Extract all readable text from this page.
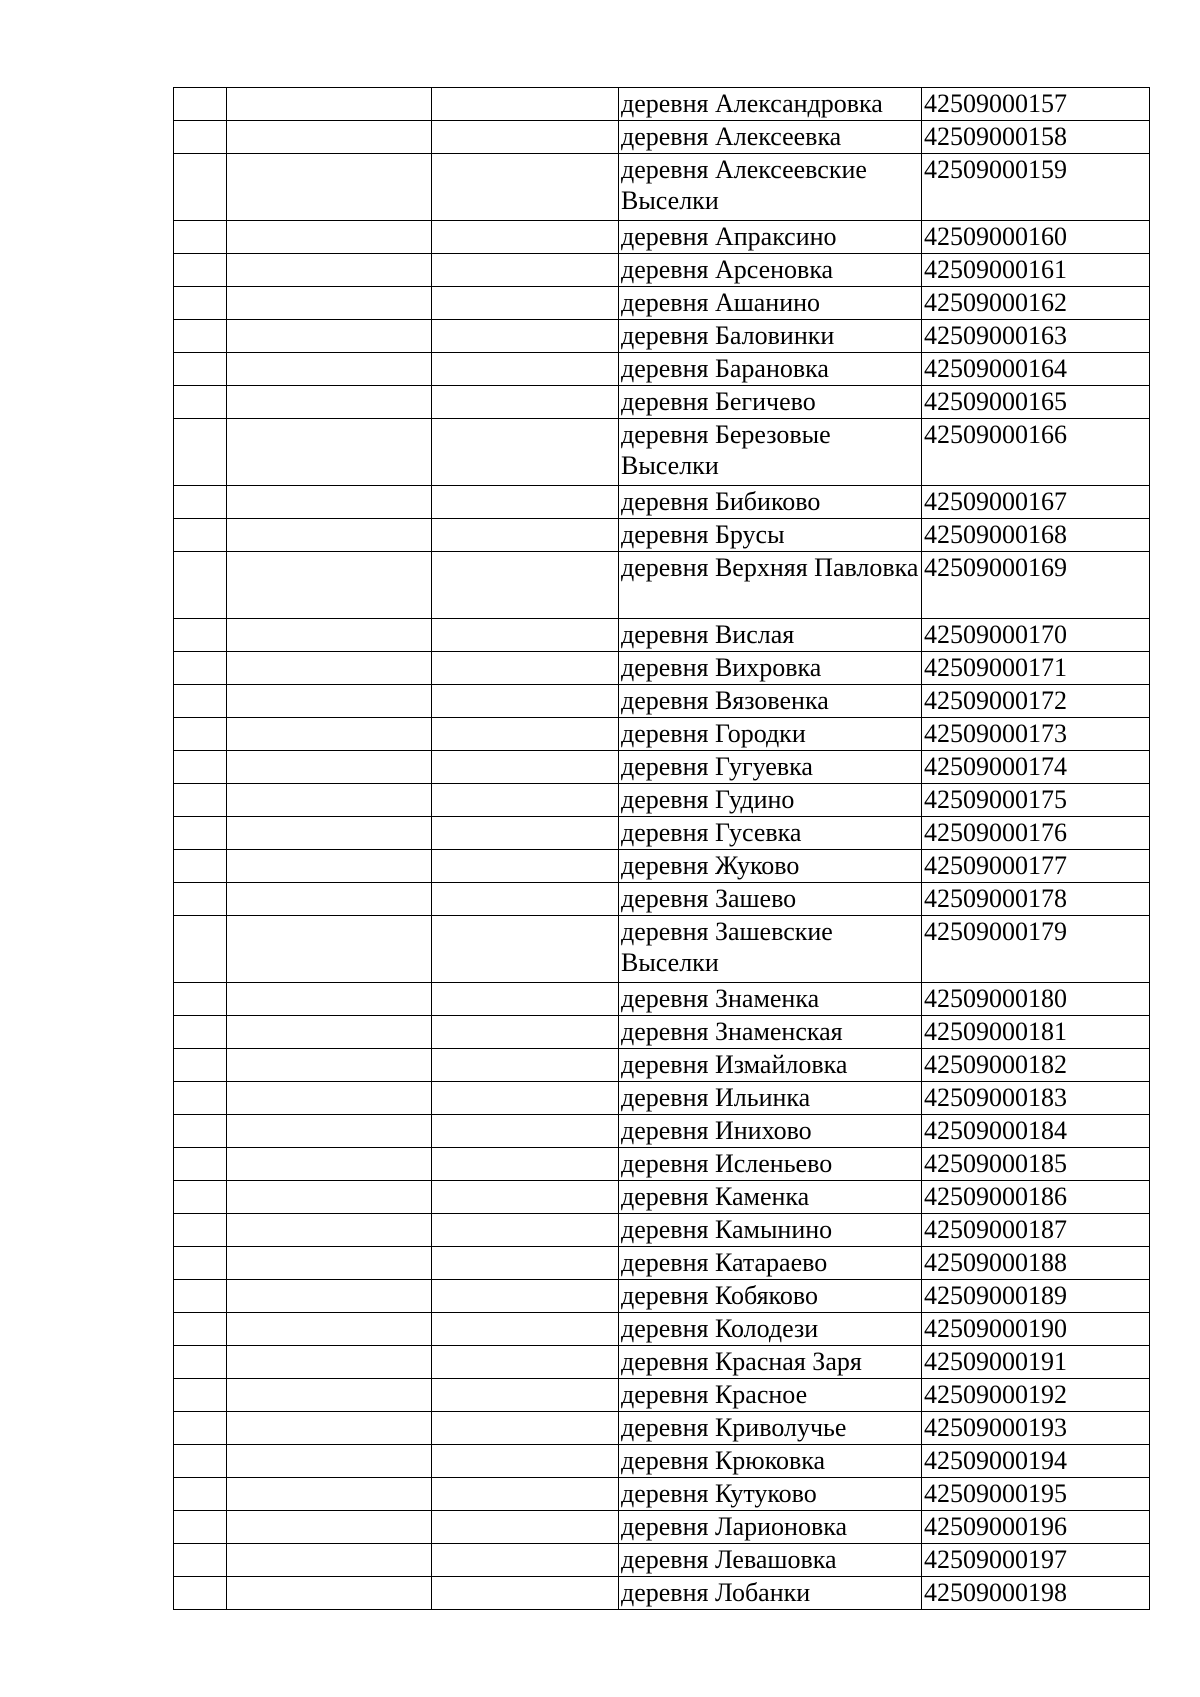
			деревня Александровка	42509000157
			деревня Алексеевка	42509000158
			деревня Алексеевские Выселки	42509000159
			деревня Апраксино	42509000160
			деревня Арсеновка	42509000161
			деревня Ашанино	42509000162
			деревня Баловинки	42509000163
			деревня Барановка	42509000164
			деревня Бегичево	42509000165
			деревня Березовые Выселки	42509000166
			деревня Бибиково	42509000167
			деревня Брусы	42509000168
			деревня Верхняя Павловка	42509000169
			деревня Вислая	42509000170
			деревня Вихровка	42509000171
			деревня Вязовенка	42509000172
			деревня Городки	42509000173
			деревня Гугуевка	42509000174
			деревня Гудино	42509000175
			деревня Гусевка	42509000176
			деревня Жуково	42509000177
			деревня Зашево	42509000178
			деревня Зашевские Выселки	42509000179
			деревня Знаменка	42509000180
			деревня Знаменская	42509000181
			деревня Измайловка	42509000182
			деревня Ильинка	42509000183
			деревня Инихово	42509000184
			деревня Исленьево	42509000185
			деревня Каменка	42509000186
			деревня Камынино	42509000187
			деревня Катараево	42509000188
			деревня Кобяково	42509000189
			деревня Колодези	42509000190
			деревня Красная Заря	42509000191
			деревня Красное	42509000192
			деревня Криволучье	42509000193
			деревня Крюковка	42509000194
			деревня Кутуково	42509000195
			деревня Ларионовка	42509000196
			деревня Левашовка	42509000197
			деревня Лобанки	42509000198
